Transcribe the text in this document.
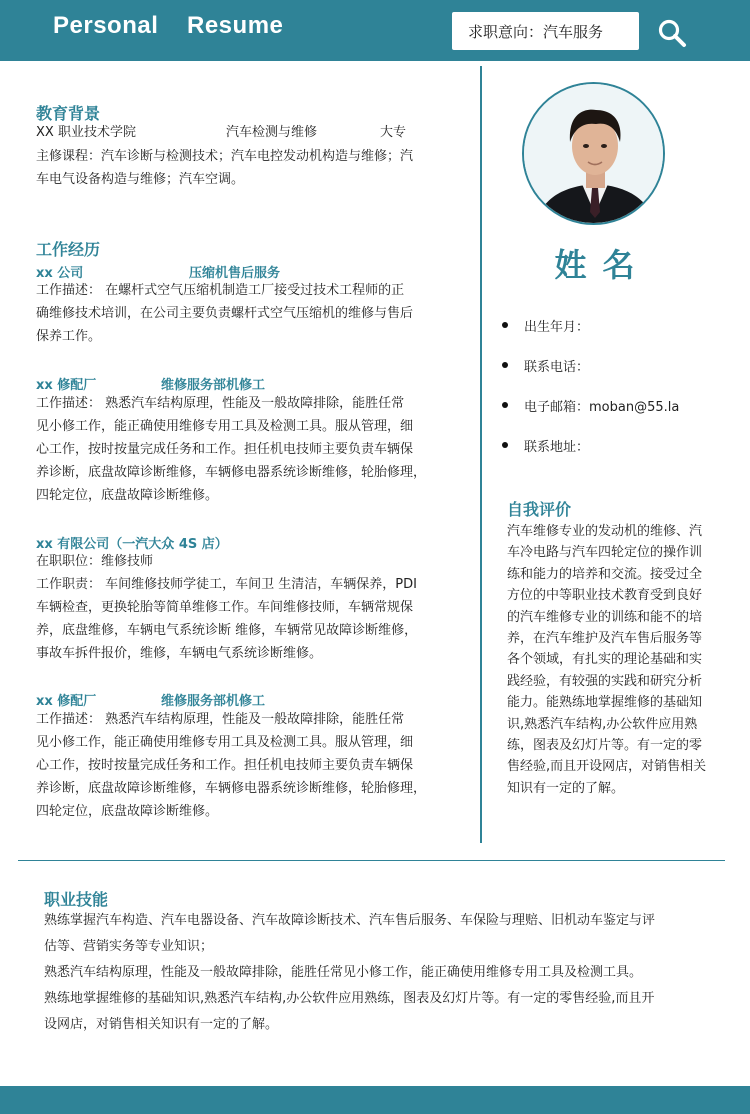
Personal Resume	求职意向：汽车服务
教育背景
XX 职业技术学院	汽车检测与维修	大专
主修课程：汽车诊断与检测技术；汽车电控发动机构造与维修；汽
车电气设备构造与维修；汽车空调。
工作经历
xx 公司	压缩机售后服务
工作描述： 在螺杆式空气压缩机制造工厂接受过技术工程师的正
确维修技术培训，在公司主要负责螺杆式空气压缩机的维修与售后
保养工作。
xx 修配厂	维修服务部机修工
工作描述： 熟悉汽车结构原理，性能及一般故障排除，能胜任常
见小修工作，能正确使用维修专用工具及检测工具。服从管理，细
心工作，按时按量完成任务和工作。担任机电技师主要负责车辆保
养诊断，底盘故障诊断维修，车辆修电器系统诊断维修，轮胎修理，
四轮定位，底盘故障诊断维修。
xx 有限公司（一汽大众 4S 店）
在职职位：维修技师
工作职责： 车间维修技师学徒工，车间卫 生清洁，车辆保养，PDI
车辆检查，更换轮胎等简单维修工作。车间维修技师，车辆常规保
养，底盘维修，车辆电气系统诊断 维修，车辆常见故障诊断维修，
事故车拆件报价，维修，车辆电气系统诊断维修。
xx 修配厂	维修服务部机修工
工作描述： 熟悉汽车结构原理，性能及一般故障排除，能胜任常
见小修工作，能正确使用维修专用工具及检测工具。服从管理，细
心工作，按时按量完成任务和工作。担任机电技师主要负责车辆保
养诊断，底盘故障诊断维修，车辆修电器系统诊断维修，轮胎修理，
四轮定位，底盘故障诊断维修。
姓名
出生年月：
联系电话：
电子邮箱：moban@55.la
联系地址：
自我评价
汽车维修专业的发动机的维修、汽
车冷电路与汽车四轮定位的操作训
练和能力的培养和交流。接受过全
方位的中等职业技术教育受到良好
的汽车维修专业的训练和能不的培
养，在汽车维护及汽车售后服务等
各个领域，有扎实的理论基础和实
践经验，有较强的实践和研究分析
能力。能熟练地掌握维修的基础知
识,熟悉汽车结构,办公软件应用熟
练，图表及幻灯片等。有一定的零
售经验,而且开设网店，对销售相关
知识有一定的了解。
职业技能
熟练掌握汽车构造、汽车电器设备、汽车故障诊断技术、汽车售后服务、车保险与理赔、旧机动车鉴定与评
估等、营销实务等专业知识；
熟悉汽车结构原理，性能及一般故障排除，能胜任常见小修工作，能正确使用维修专用工具及检测工具。
熟练地掌握维修的基础知识,熟悉汽车结构,办公软件应用熟练，图表及幻灯片等。有一定的零售经验,而且开
设网店，对销售相关知识有一定的了解。
